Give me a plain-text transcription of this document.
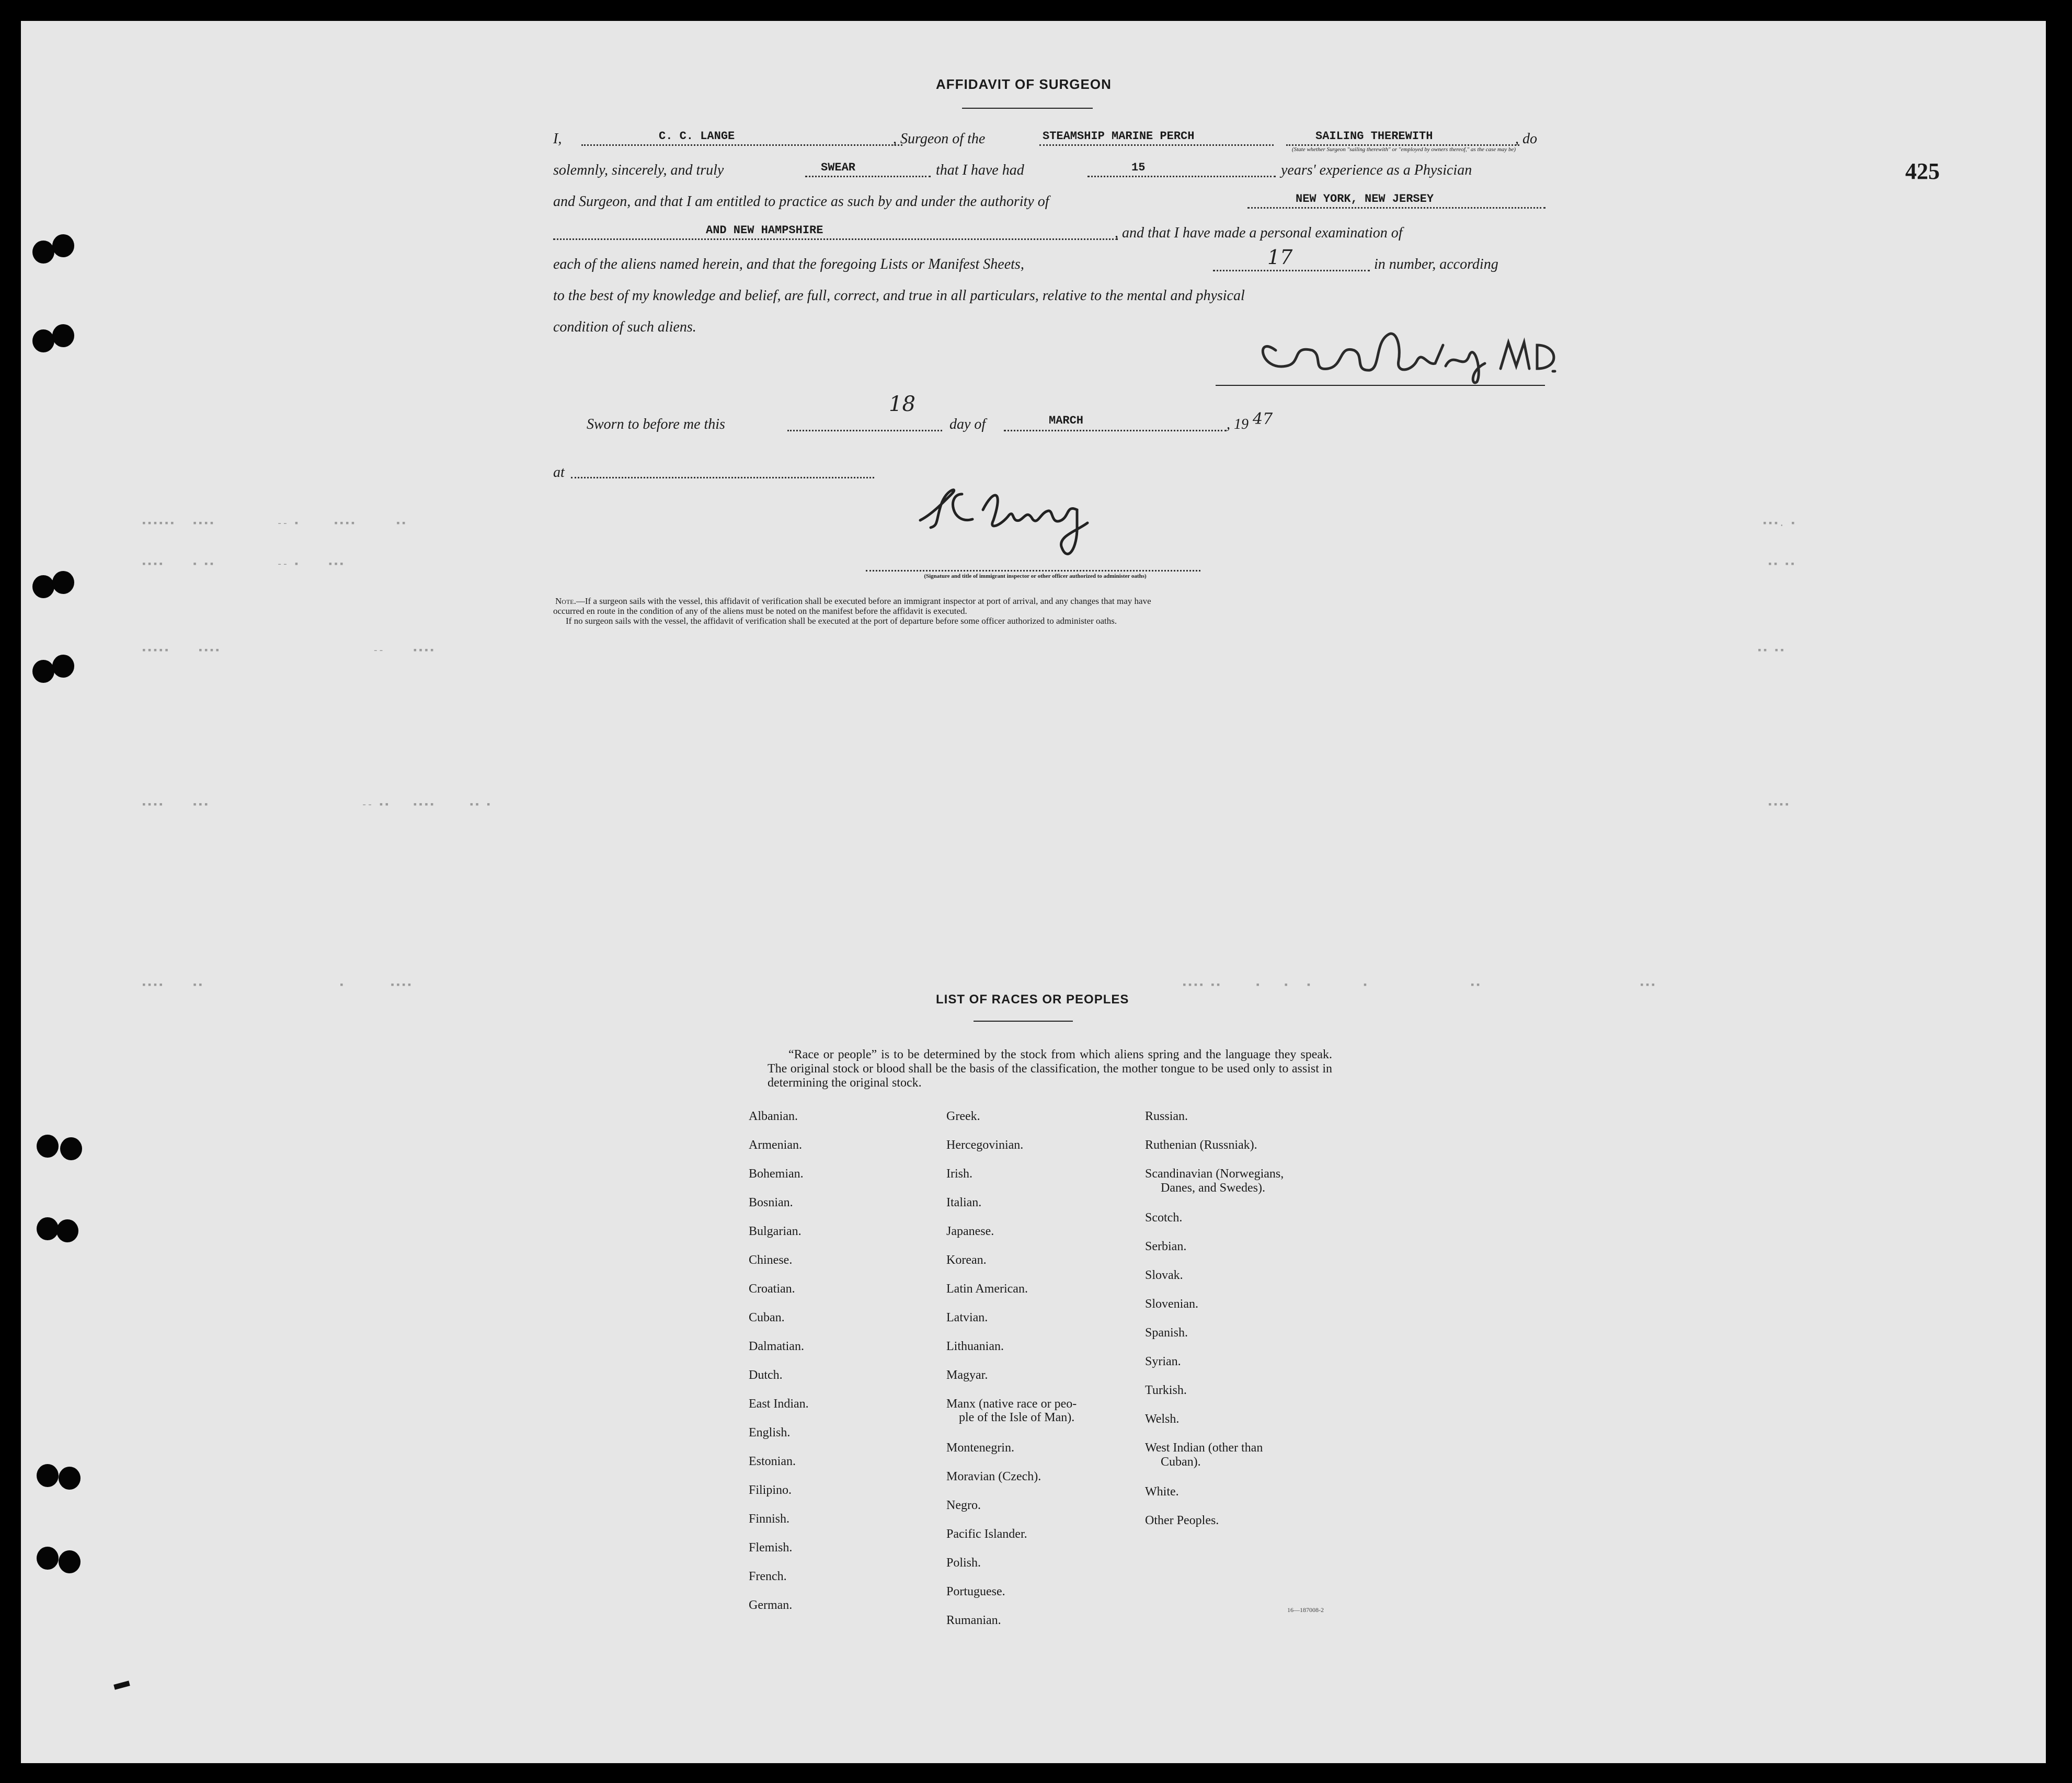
425
▪▪▪▪▪▪   ▪▪▪▪           -- ▪      ▪▪▪▪       ▪▪
▪▪▪▪     ▪ ▪▪           -- ▪     ▪▪▪
▪▪▪▪▪     ▪▪▪▪                           --     ▪▪▪▪
▪▪▪▪     ▪▪▪                           -- ▪▪    ▪▪▪▪      ▪▪ ▪
▪▪▪▪     ▪▪                        ▪        ▪▪▪▪
▪▪▪. ▪
▪▪ ▪▪
▪▪ ▪▪
▪▪▪▪
▪▪▪▪ ▪▪      ▪    ▪   ▪         ▪                  ▪▪                            ▪▪▪
AFFIDAVIT OF SURGEON
I,	C. C. LANGE	, Surgeon of the	STEAMSHIP MARINE PERCH	SAILING THEREWITH
(State whether Surgeon "sailing therewith" or "employed by owners thereof," as the case may be)
, do
solemnly, sincerely, and truly	SWEAR	that I have had	15	years' experience as a Physician
and Surgeon, and that I am entitled to practice as such by and under the authority of	NEW YORK, NEW JERSEY
AND NEW HAMPSHIRE	, and that I have made a personal examination of
each of the aliens named herein, and that the foregoing Lists or Manifest Sheets,	17	in number, according
to the best of my knowledge and belief, are full, correct, and true in all particulars, relative to the mental and physical
condition of such aliens.
Sworn to before me this
18
day of	MARCH	, 19 47
at
(Signature and title of immigrant inspector or other officer authorized to administer oaths)
Note.—If a surgeon sails with the vessel, this affidavit of verification shall be executed before an immigrant inspector at port of arrival, and any changes that may have
occurred en route in the condition of any of the aliens must be noted on the manifest before the affidavit is executed.
If no surgeon sails with the vessel, the affidavit of verification shall be executed at the port of departure before some officer authorized to administer oaths.
LIST OF RACES OR PEOPLES
“Race or people” is to be determined by the stock from which aliens spring and the language they speak. The original stock or blood shall be the basis of the classification, the mother tongue to be used only to assist in determining the original stock.
Albanian.
Armenian.
Bohemian.
Bosnian.
Bulgarian.
Chinese.
Croatian.
Cuban.
Dalmatian.
Dutch.
East Indian.
English.
Estonian.
Filipino.
Finnish.
Flemish.
French.
German.
Greek.
Hercegovinian.
Irish.
Italian.
Japanese.
Korean.
Latin American.
Latvian.
Lithuanian.
Magyar.
Manx (native race or peo-
ple of the Isle of Man).
Montenegrin.
Moravian (Czech).
Negro.
Pacific Islander.
Polish.
Portuguese.
Rumanian.
Russian.
Ruthenian (Russniak).
Scandinavian (Norwegians,
Danes, and Swedes).
Scotch.
Serbian.
Slovak.
Slovenian.
Spanish.
Syrian.
Turkish.
Welsh.
West Indian (other than
Cuban).
White.
Other Peoples.
16—187008-2
